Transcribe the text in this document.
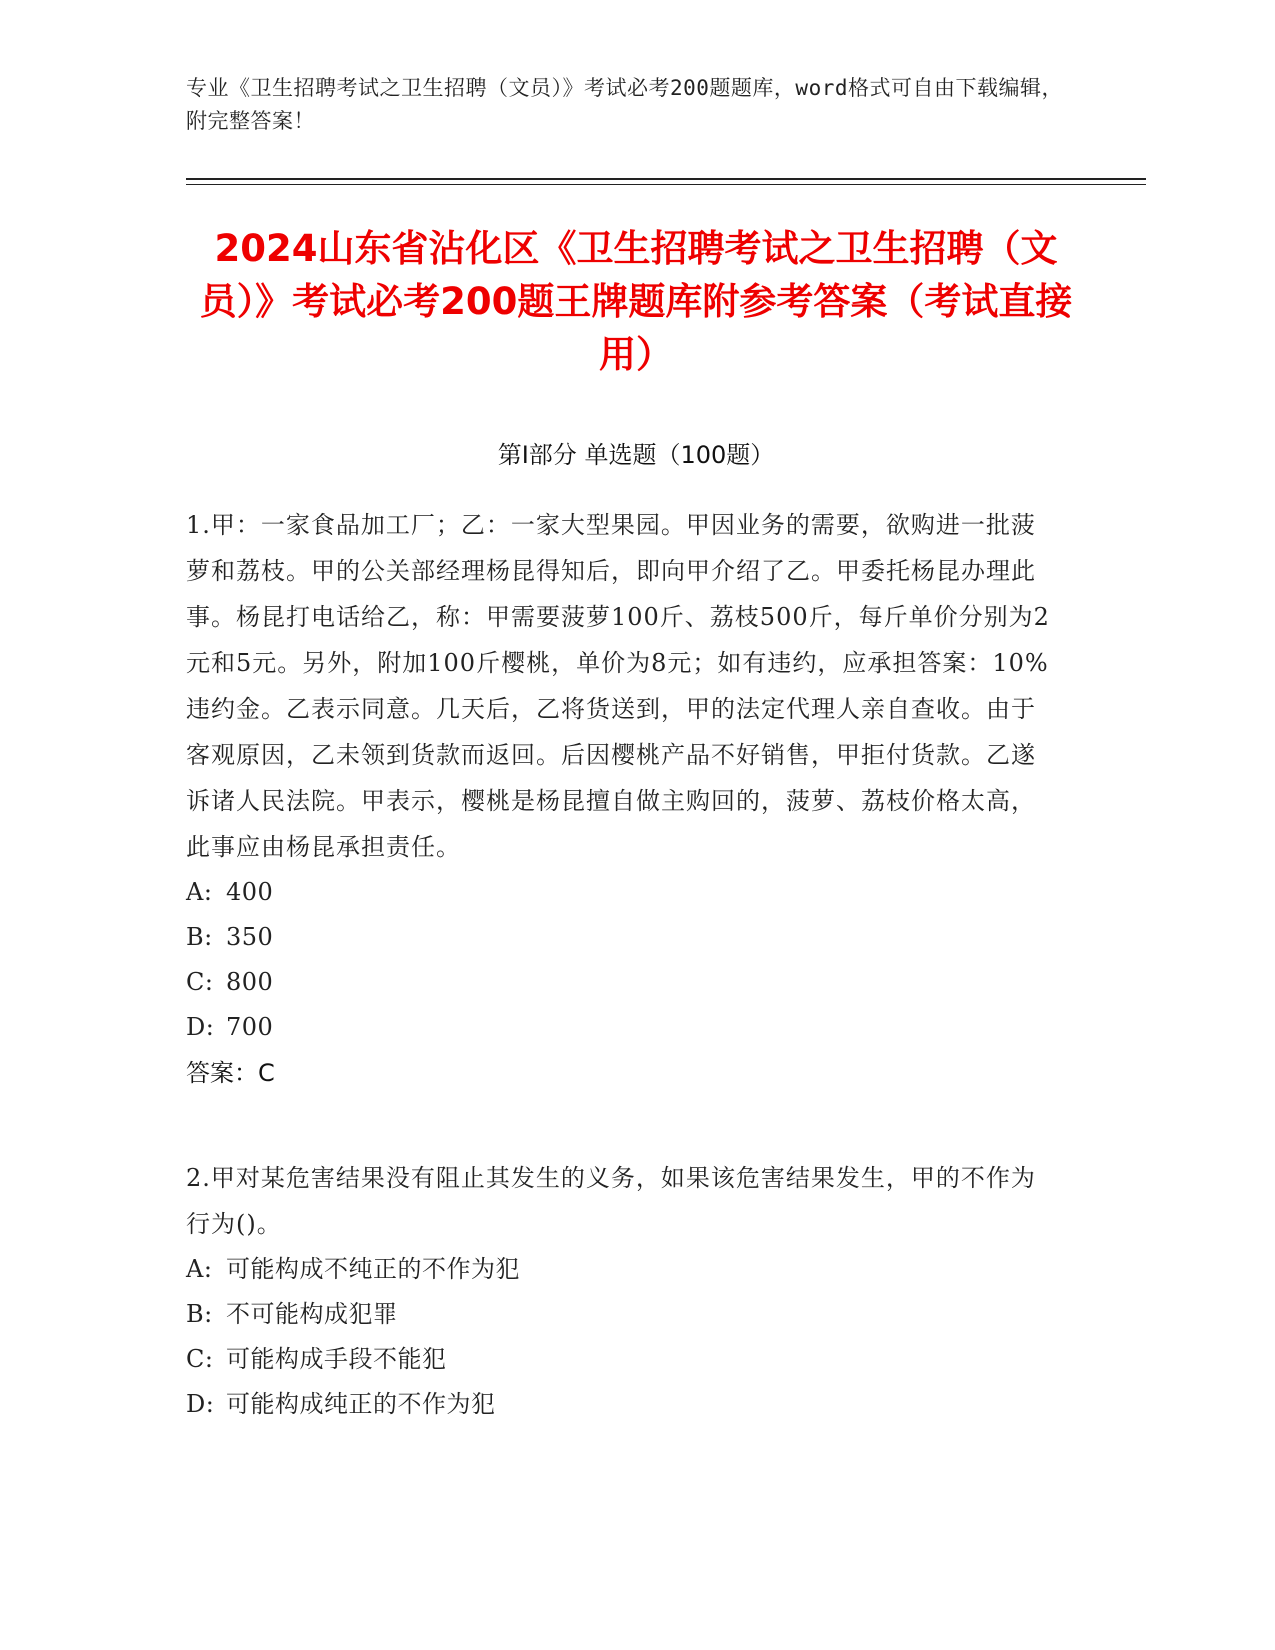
专业《卫生招聘考试之卫生招聘（文员）》考试必考200题题库，word格式可自由下载编辑，附完整答案！
2024山东省沾化区《卫生招聘考试之卫生招聘（文员）》考试必考200题王牌题库附参考答案（考试直接用）
第Ⅰ部分 单选题（100题）
1.甲：一家食品加工厂；乙：一家大型果园。甲因业务的需要，欲购进一批菠萝和荔枝。甲的公关部经理杨昆得知后，即向甲介绍了乙。甲委托杨昆办理此事。杨昆打电话给乙，称：甲需要菠萝100斤、荔枝500斤，每斤单价分别为2元和5元。另外，附加100斤樱桃，单价为8元；如有违约，应承担答案：10%违约金。乙表示同意。几天后，乙将货送到，甲的法定代理人亲自查收。由于客观原因，乙未领到货款而返回。后因樱桃产品不好销售，甲拒付货款。乙遂诉诸人民法院。甲表示，樱桃是杨昆擅自做主购回的，菠萝、荔枝价格太高，此事应由杨昆承担责任。
A: 400
B: 350
C: 800
D: 700
答案：C
2.甲对某危害结果没有阻止其发生的义务，如果该危害结果发生，甲的不作为行为()。
A: 可能构成不纯正的不作为犯
B: 不可能构成犯罪
C: 可能构成手段不能犯
D: 可能构成纯正的不作为犯
